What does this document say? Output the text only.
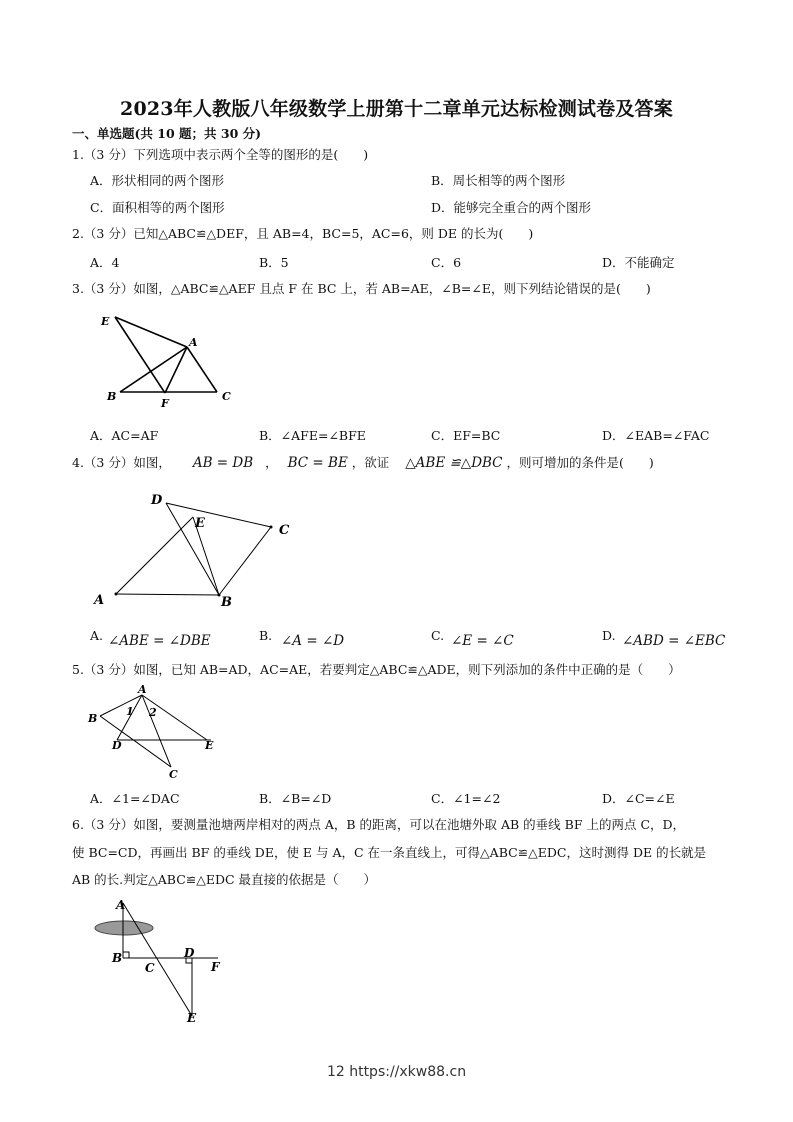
2023年人教版八年级数学上册第十二章单元达标检测试卷及答案
一、单选题(共 10 题；共 30 分)
1.（3 分）下列选项中表示两个全等的图形的是(　　)
A．形状相同的两个图形	B．周长相等的两个图形
C．面积相等的两个图形	D．能够完全重合的两个图形
2.（3 分）已知△ABC≌△DEF，且 AB=4，BC=5，AC=6，则 DE 的长为(　　)
A．4	B．5	C．6	D．不能确定
3.（3 分）如图，△ABC≌△AEF 且点 F 在 BC 上，若 AB=AE，∠B=∠E，则下列结论错误的是(　　)
E
A
B
F
C
A．AC=AF	B．∠AFE=∠BFE	C．EF=BC	D．∠EAB=∠FAC
4.（3 分）如图， AB = DB ， BC = BE ，欲证 △ABE ≌△DBC ，则可增加的条件是(　　)
D
E	C
A	B
A. ∠ABE = ∠DBE	B. ∠A = ∠D	C. ∠E = ∠C	D. ∠ABD = ∠EBC
5.（3 分）如图，已知 AB=AD，AC=AE，若要判定△ABC≌△ADE，则下列添加的条件中正确的是（　　）
A
B
1 2
D	E
C
A．∠1=∠DAC	B．∠B=∠D	C．∠1=∠2	D．∠C=∠E
6.（3 分）如图，要测量池塘两岸相对的两点 A，B 的距离，可以在池塘外取 AB 的垂线 BF 上的两点 C，D，
使 BC=CD，再画出 BF 的垂线 DE，使 E 与 A，C 在一条直线上，可得△ABC≌△EDC，这时测得 DE 的长就是
AB 的长.判定△ABC≌△EDC 最直接的依据是（　　）
A
B
C
D
F
E
12 https://xkw88.cn
